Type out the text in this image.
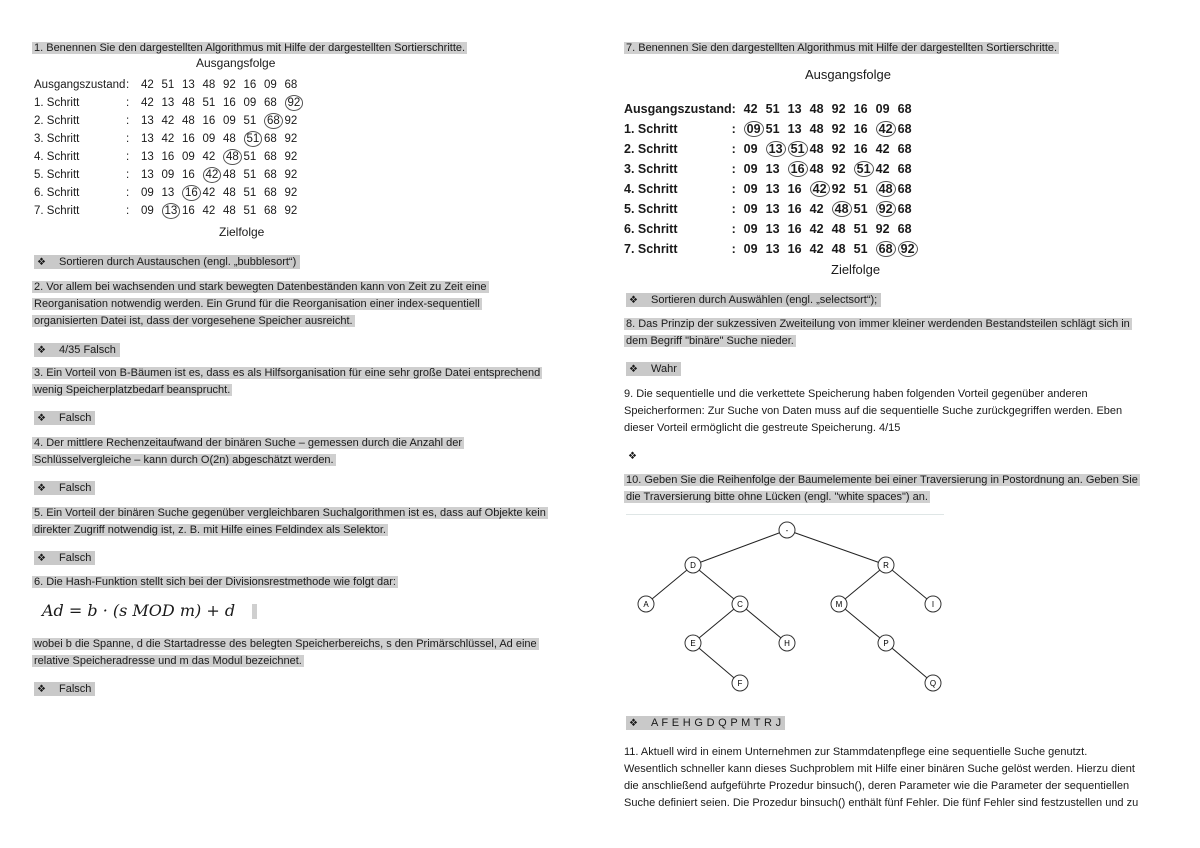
1. Benennen Sie den dargestellten Algorithmus mit Hilfe der dargestellten Sortierschritte.
Ausgangsfolge
Ausgangszustand	:	42	51	13	48	92	16	09	68
1. Schritt	:	42	13	48	51	16	09	68	92
2. Schritt	:	13	42	48	16	09	51	68	92
3. Schritt	:	13	42	16	09	48	51	68	92
4. Schritt	:	13	16	09	42	48	51	68	92
5. Schritt	:	13	09	16	42	48	51	68	92
6. Schritt	:	09	13	16	42	48	51	68	92
7. Schritt	:	09	13	16	42	48	51	68	92
Zielfolge
❖ Sortieren durch Austauschen (engl. „bubblesort“)
2. Vor allem bei wachsenden und stark bewegten Datenbeständen kann von Zeit zu Zeit eine
Reorganisation notwendig werden. Ein Grund für die Reorganisation einer index-sequentiell
organisierten Datei ist, dass der vorgesehene Speicher ausreicht.
❖ 4/35 Falsch
3. Ein Vorteil von B-Bäumen ist es, dass es als Hilfsorganisation für eine sehr große Datei entsprechend
wenig Speicherplatzbedarf beansprucht.
❖ Falsch
4. Der mittlere Rechenzeitaufwand der binären Suche – gemessen durch die Anzahl der
Schlüsselvergleiche – kann durch O(2n) abgeschätzt werden.
❖ Falsch
5. Ein Vorteil der binären Suche gegenüber vergleichbaren Suchalgorithmen ist es, dass auf Objekte kein
direkter Zugriff notwendig ist, z. B. mit Hilfe eines Feldindex als Selektor.
❖ Falsch
6. Die Hash-Funktion stellt sich bei der Divisionsrestmethode wie folgt dar:
Ad = b · (s MOD m) + d
wobei b die Spanne, d die Startadresse des belegten Speicherbereichs, s den Primärschlüssel, Ad eine
relative Speicheradresse und m das Modul bezeichnet.
❖ Falsch
7. Benennen Sie den dargestellten Algorithmus mit Hilfe der dargestellten Sortierschritte.
Ausgangsfolge
Ausgangszustand	:	42	51	13	48	92	16	09	68
1. Schritt	:	09	51	13	48	92	16	42	68
2. Schritt	:	09	13	51	48	92	16	42	68
3. Schritt	:	09	13	16	48	92	51	42	68
4. Schritt	:	09	13	16	42	92	51	48	68
5. Schritt	:	09	13	16	42	48	51	92	68
6. Schritt	:	09	13	16	42	48	51	92	68
7. Schritt	:	09	13	16	42	48	51	68	92
Zielfolge
❖ Sortieren durch Auswählen (engl. „selectsort“);
8. Das Prinzip der sukzessiven Zweiteilung von immer kleiner werdenden Bestandsteilen schlägt sich in
dem Begriff "binäre" Suche nieder.
❖ Wahr
9. Die sequentielle und die verkettete Speicherung haben folgenden Vorteil gegenüber anderen
Speicherformen: Zur Suche von Daten muss auf die sequentielle Suche zurückgegriffen werden. Eben
dieser Vorteil ermöglicht die gestreute Speicherung. 4/15
❖
10. Geben Sie die Reihenfolge der Baumelemente bei einer Traversierung in Postordnung an. Geben Sie
die Traversierung bitte ohne Lücken (engl. "white spaces") an.
-
D	R
A	C	M	I
E	H	P
F	Q
❖ A F E H G D Q P M T R J
11. Aktuell wird in einem Unternehmen zur Stammdatenpflege eine sequentielle Suche genutzt.
Wesentlich schneller kann dieses Suchproblem mit Hilfe einer binären Suche gelöst werden. Hierzu dient
die anschließend aufgeführte Prozedur binsuch(), deren Parameter wie die Parameter der sequentiellen
Suche definiert seien. Die Prozedur binsuch() enthält fünf Fehler. Die fünf Fehler sind festzustellen und zu
